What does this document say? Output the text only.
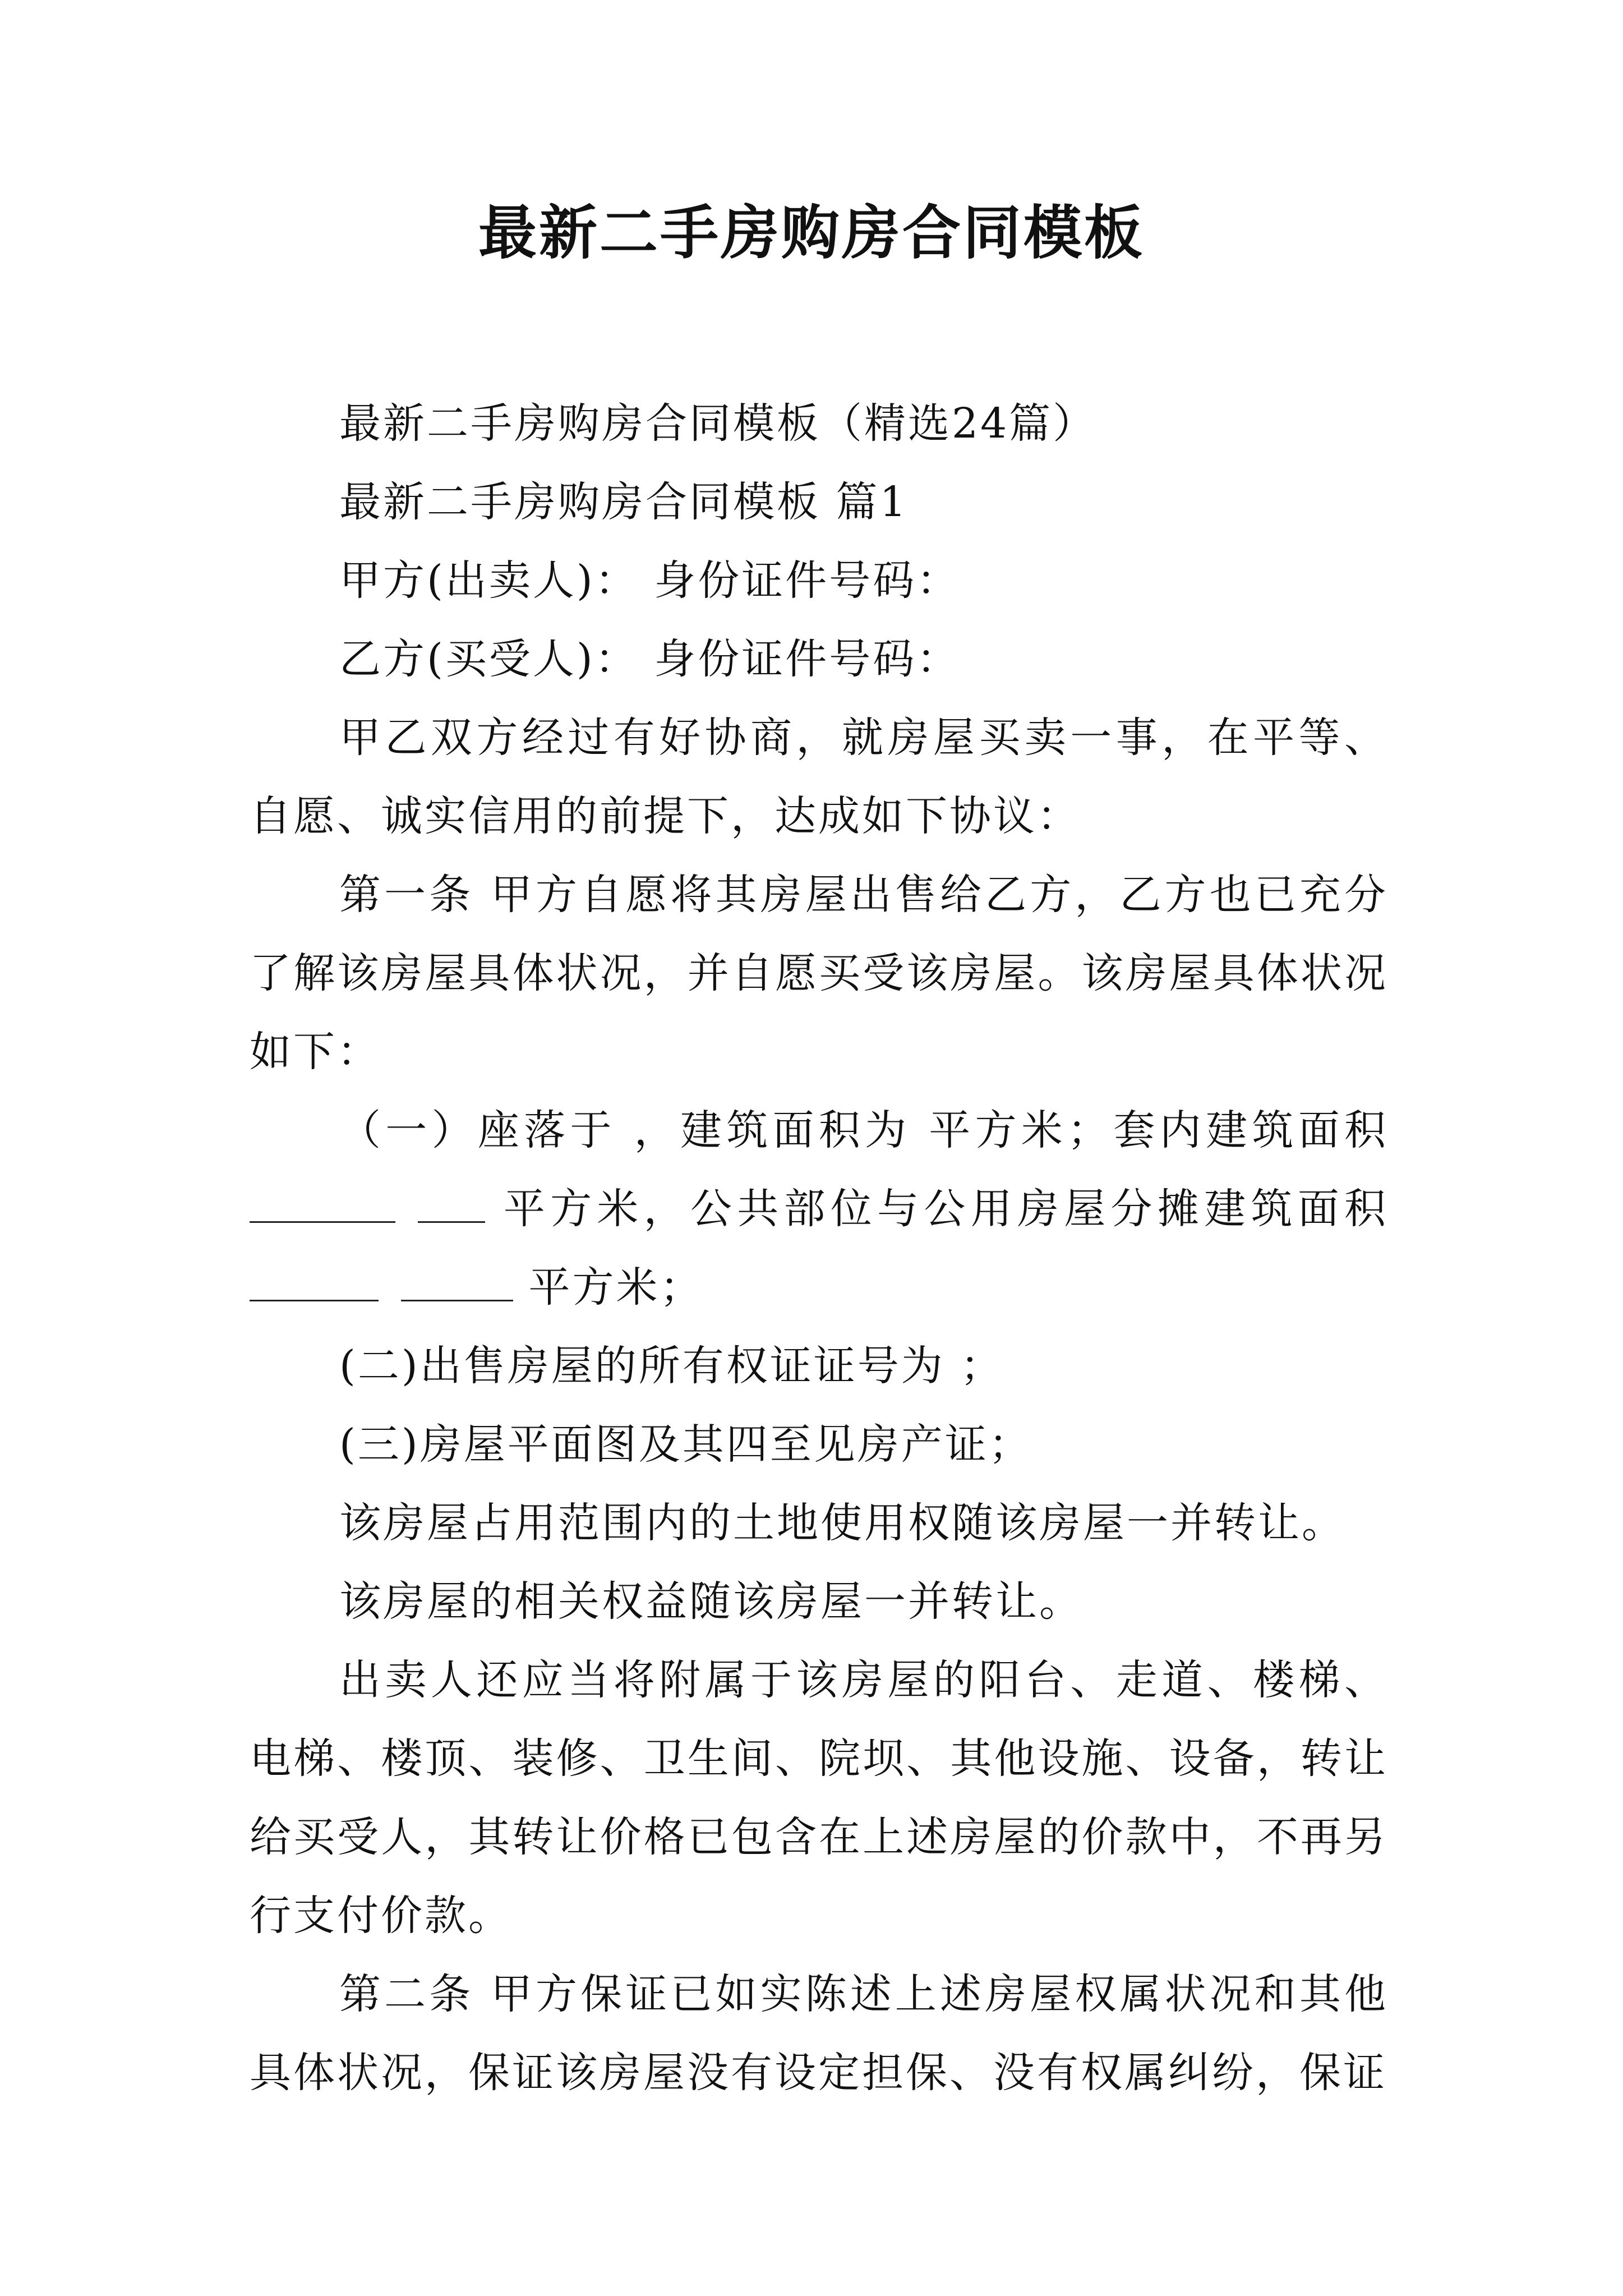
最新二手房购房合同模板

最新二手房购房合同模板（精选24篇）

最新二手房购房合同模板 篇1

甲方(出卖人)： 身份证件号码：

乙方(买受人)： 身份证件号码：

甲乙双方经过有好协商，就房屋买卖一事，在平等、自愿、诚实信用的前提下，达成如下协议：

第一条 甲方自愿将其房屋出售给乙方，乙方也已充分了解该房屋具体状况，并自愿买受该房屋。该房屋具体状况如下：

（一）座落于 ，建筑面积为 平方米；套内建筑面积  平方米，公共部位与公用房屋分摊建筑面积  平方米；

(二)出售房屋的所有权证证号为 ；

(三)房屋平面图及其四至见房产证；

该房屋占用范围内的土地使用权随该房屋一并转让。

该房屋的相关权益随该房屋一并转让。

出卖人还应当将附属于该房屋的阳台、走道、楼梯、电梯、楼顶、装修、卫生间、院坝、其他设施、设备，转让给买受人，其转让价格已包含在上述房屋的价款中，不再另行支付价款。

第二条 甲方保证已如实陈述上述房屋权属状况和其他具体状况，保证该房屋没有设定担保、没有权属纠纷，保证
